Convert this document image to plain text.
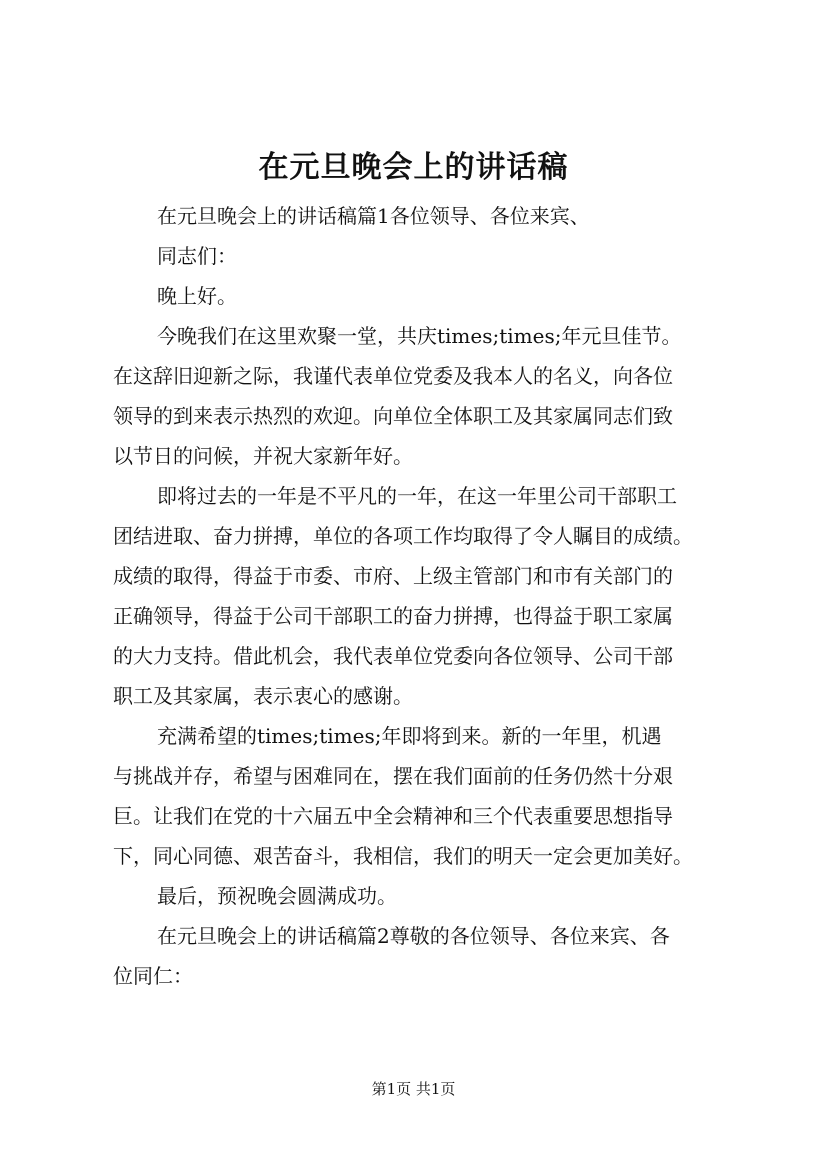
在元旦晚会上的讲话稿
在元旦晚会上的讲话稿篇1各位领导、各位来宾、
同志们：
晚上好。
今晚我们在这里欢聚一堂，共庆times;times;年元旦佳节。
在这辞旧迎新之际，我谨代表单位党委及我本人的名义，向各位
领导的到来表示热烈的欢迎。向单位全体职工及其家属同志们致
以节日的问候，并祝大家新年好。
即将过去的一年是不平凡的一年，在这一年里公司干部职工
团结进取、奋力拼搏，单位的各项工作均取得了令人瞩目的成绩。
成绩的取得，得益于市委、市府、上级主管部门和市有关部门的
正确领导，得益于公司干部职工的奋力拼搏，也得益于职工家属
的大力支持。借此机会，我代表单位党委向各位领导、公司干部
职工及其家属，表示衷心的感谢。
充满希望的times;times;年即将到来。新的一年里，机遇
与挑战并存，希望与困难同在，摆在我们面前的任务仍然十分艰
巨。让我们在党的十六届五中全会精神和三个代表重要思想指导
下，同心同德、艰苦奋斗，我相信，我们的明天一定会更加美好。
最后，预祝晚会圆满成功。
在元旦晚会上的讲话稿篇2尊敬的各位领导、各位来宾、各
位同仁：
第1页 共1页
